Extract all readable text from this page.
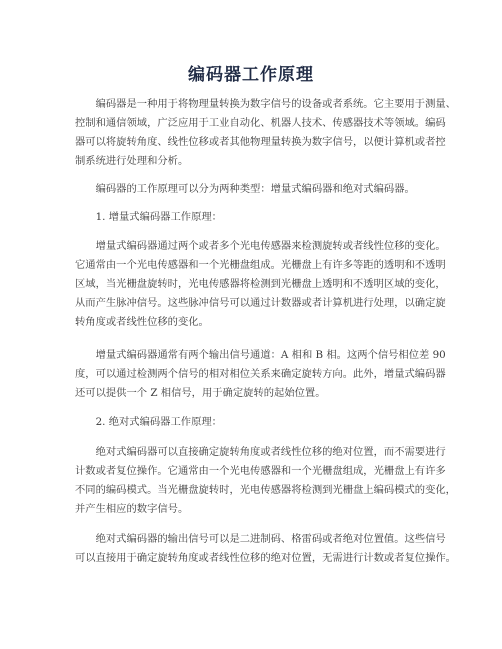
编码器工作原理
　　编码器是一种用于将物理量转换为数字信号的设备或者系统。它主要用于测量、
控制和通信领域，广泛应用于工业自动化、机器人技术、传感器技术等领域。编码
器可以将旋转角度、线性位移或者其他物理量转换为数字信号，以便计算机或者控
制系统进行处理和分析。
　　编码器的工作原理可以分为两种类型：增量式编码器和绝对式编码器。
　　1. 增量式编码器工作原理：
　　增量式编码器通过两个或者多个光电传感器来检测旋转或者线性位移的变化。
它通常由一个光电传感器和一个光栅盘组成。光栅盘上有许多等距的透明和不透明
区域，当光栅盘旋转时，光电传感器将检测到光栅盘上透明和不透明区域的变化，
从而产生脉冲信号。这些脉冲信号可以通过计数器或者计算机进行处理，以确定旋
转角度或者线性位移的变化。
　　增量式编码器通常有两个输出信号通道：A 相和 B 相。这两个信号相位差 90
度，可以通过检测两个信号的相对相位关系来确定旋转方向。此外，增量式编码器
还可以提供一个 Z 相信号，用于确定旋转的起始位置。
　　2. 绝对式编码器工作原理：
　　绝对式编码器可以直接确定旋转角度或者线性位移的绝对位置，而不需要进行
计数或者复位操作。它通常由一个光电传感器和一个光栅盘组成，光栅盘上有许多
不同的编码模式。当光栅盘旋转时，光电传感器将检测到光栅盘上编码模式的变化，
并产生相应的数字信号。
　　绝对式编码器的输出信号可以是二进制码、格雷码或者绝对位置值。这些信号
可以直接用于确定旋转角度或者线性位移的绝对位置，无需进行计数或者复位操作。
